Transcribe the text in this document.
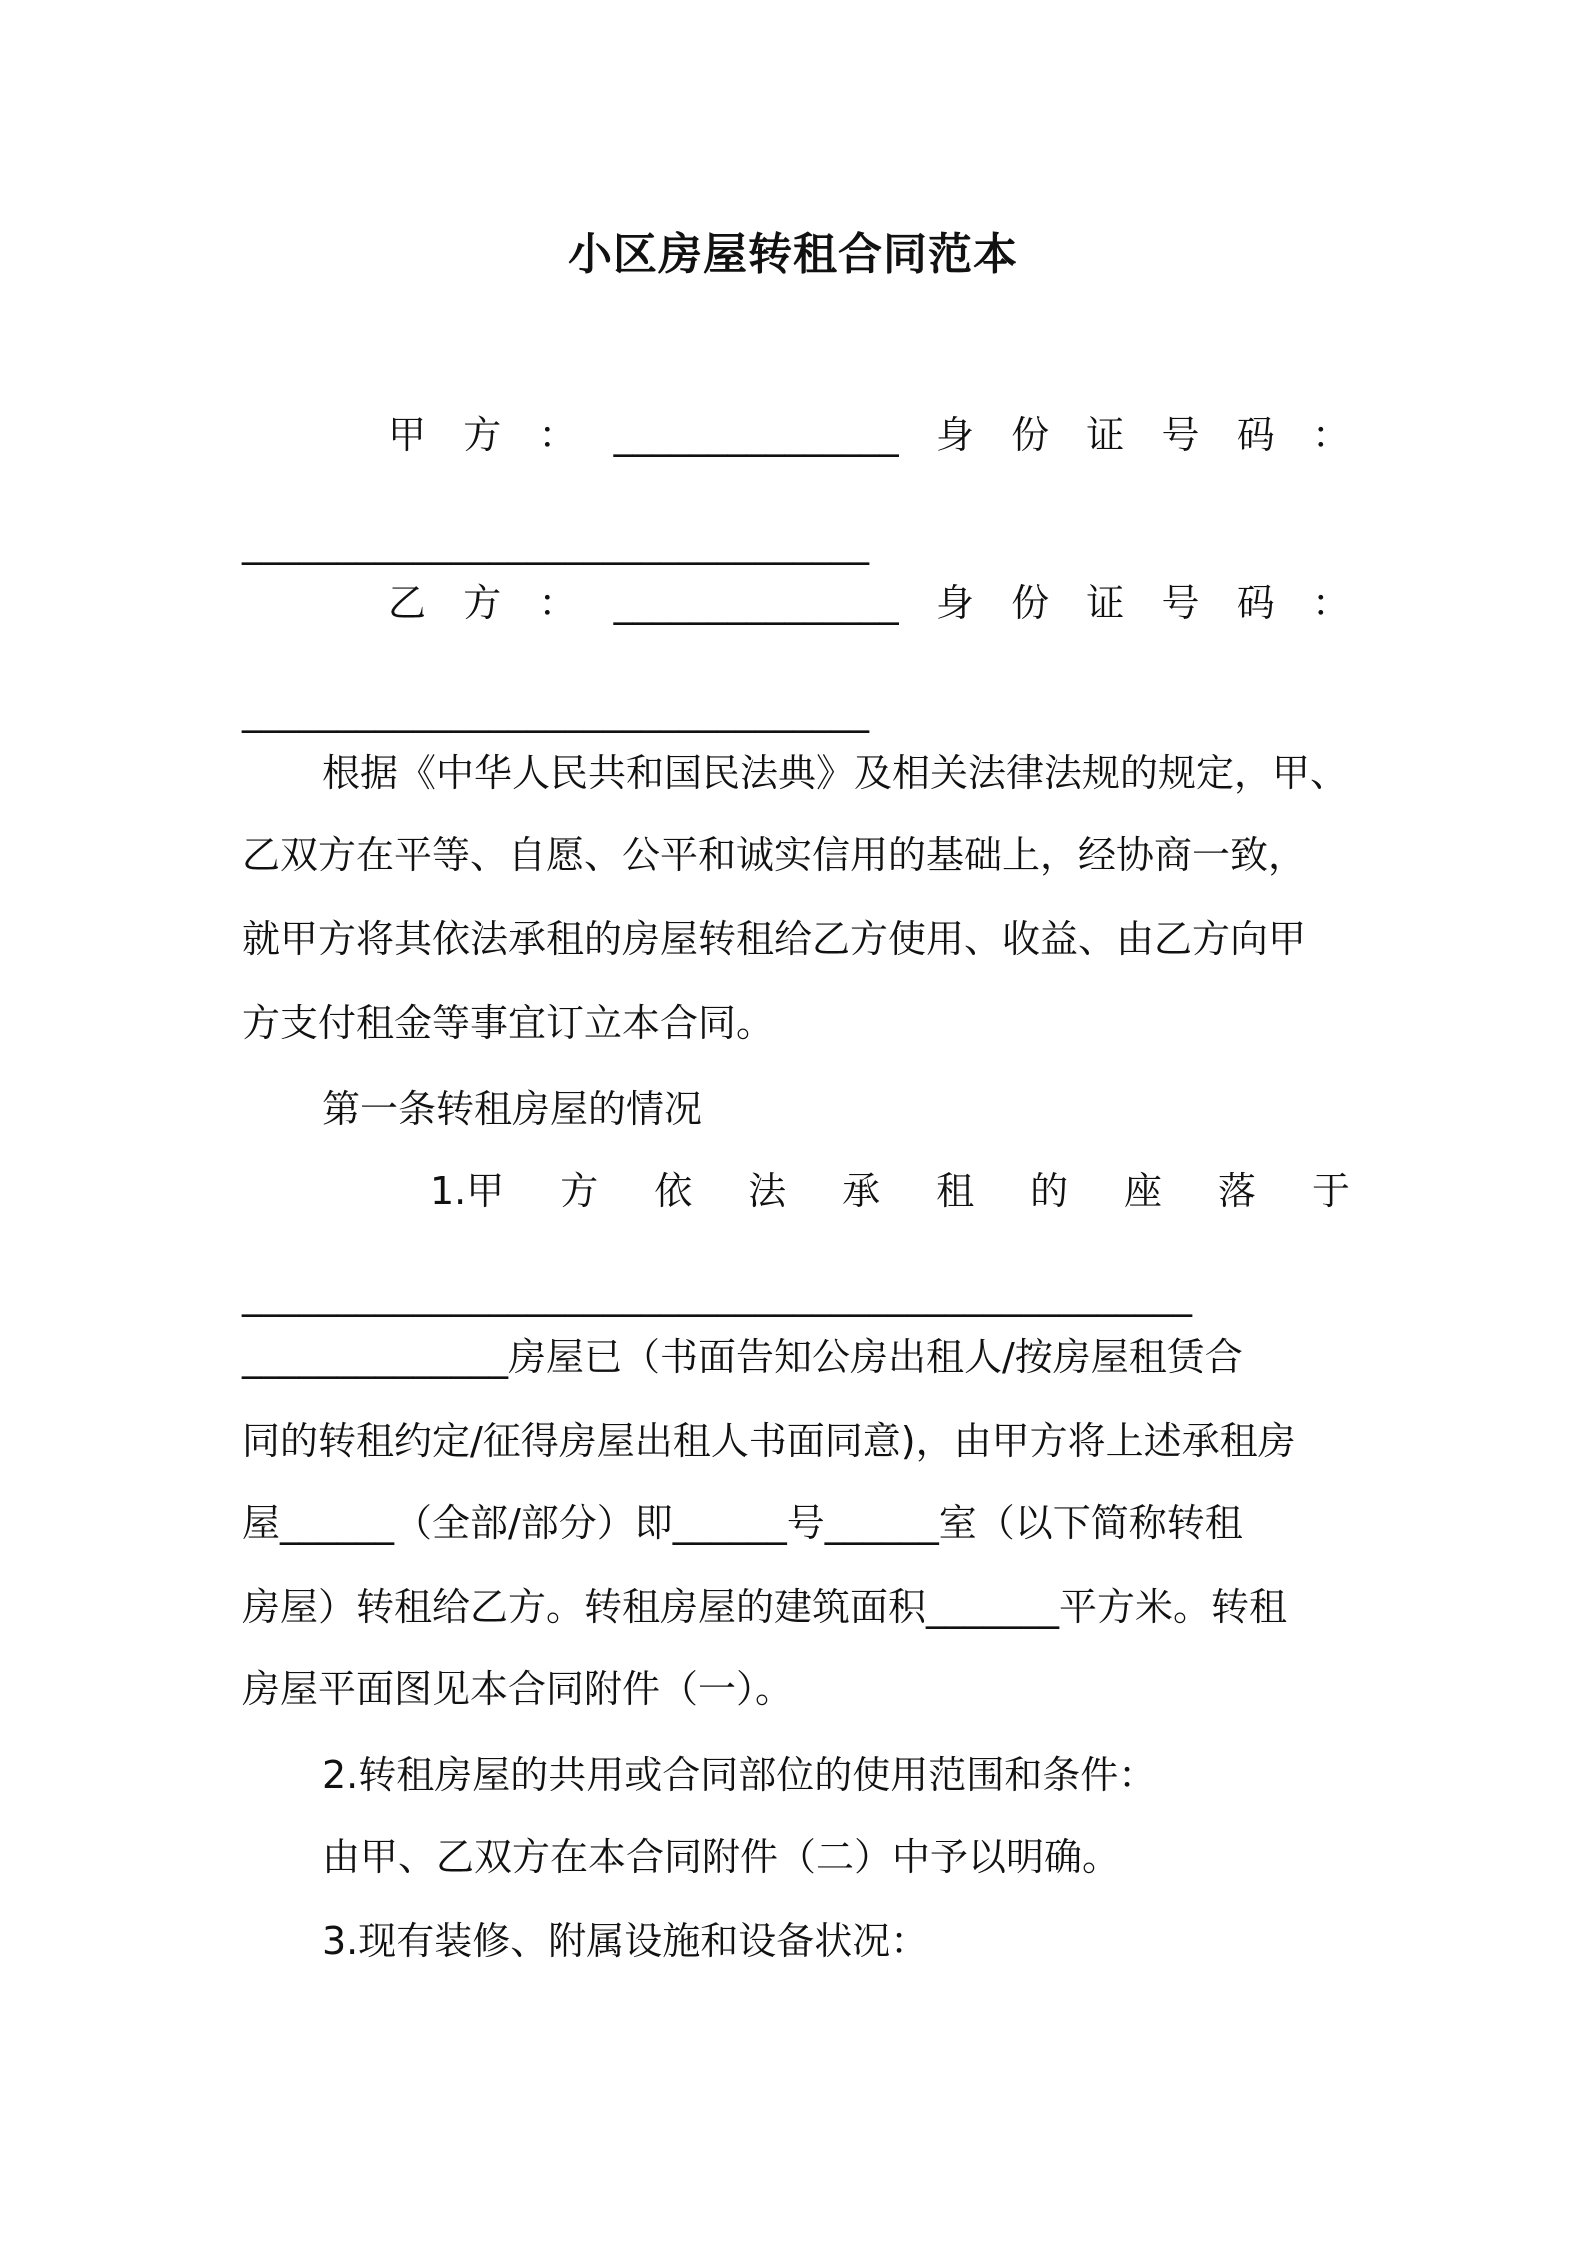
小区房屋转租合同范本
甲 方 ： _______________ 身 份 证 号 码 ：
_________________________________
乙 方 ： _______________ 身 份 证 号 码 ：
_________________________________
根据《中华人民共和国民法典》及相关法律法规的规定，甲、
乙双方在平等、自愿、公平和诚实信用的基础上，经协商一致，
就甲方将其依法承租的房屋转租给乙方使用、收益、由乙方向甲
方支付租金等事宜订立本合同。
第一条转租房屋的情况
1.甲 方 依 法 承 租 的 座 落 于
__________________________________________________
______________房屋已（书面告知公房出租人/按房屋租赁合
同的转租约定/征得房屋出租人书面同意)，由甲方将上述承租房
屋______（全部/部分）即______号______室（以下简称转租
房屋）转租给乙方。转租房屋的建筑面积_______平方米。转租
房屋平面图见本合同附件（一）。
2.转租房屋的共用或合同部位的使用范围和条件：
由甲、乙双方在本合同附件（二）中予以明确。
3.现有装修、附属设施和设备状况：
